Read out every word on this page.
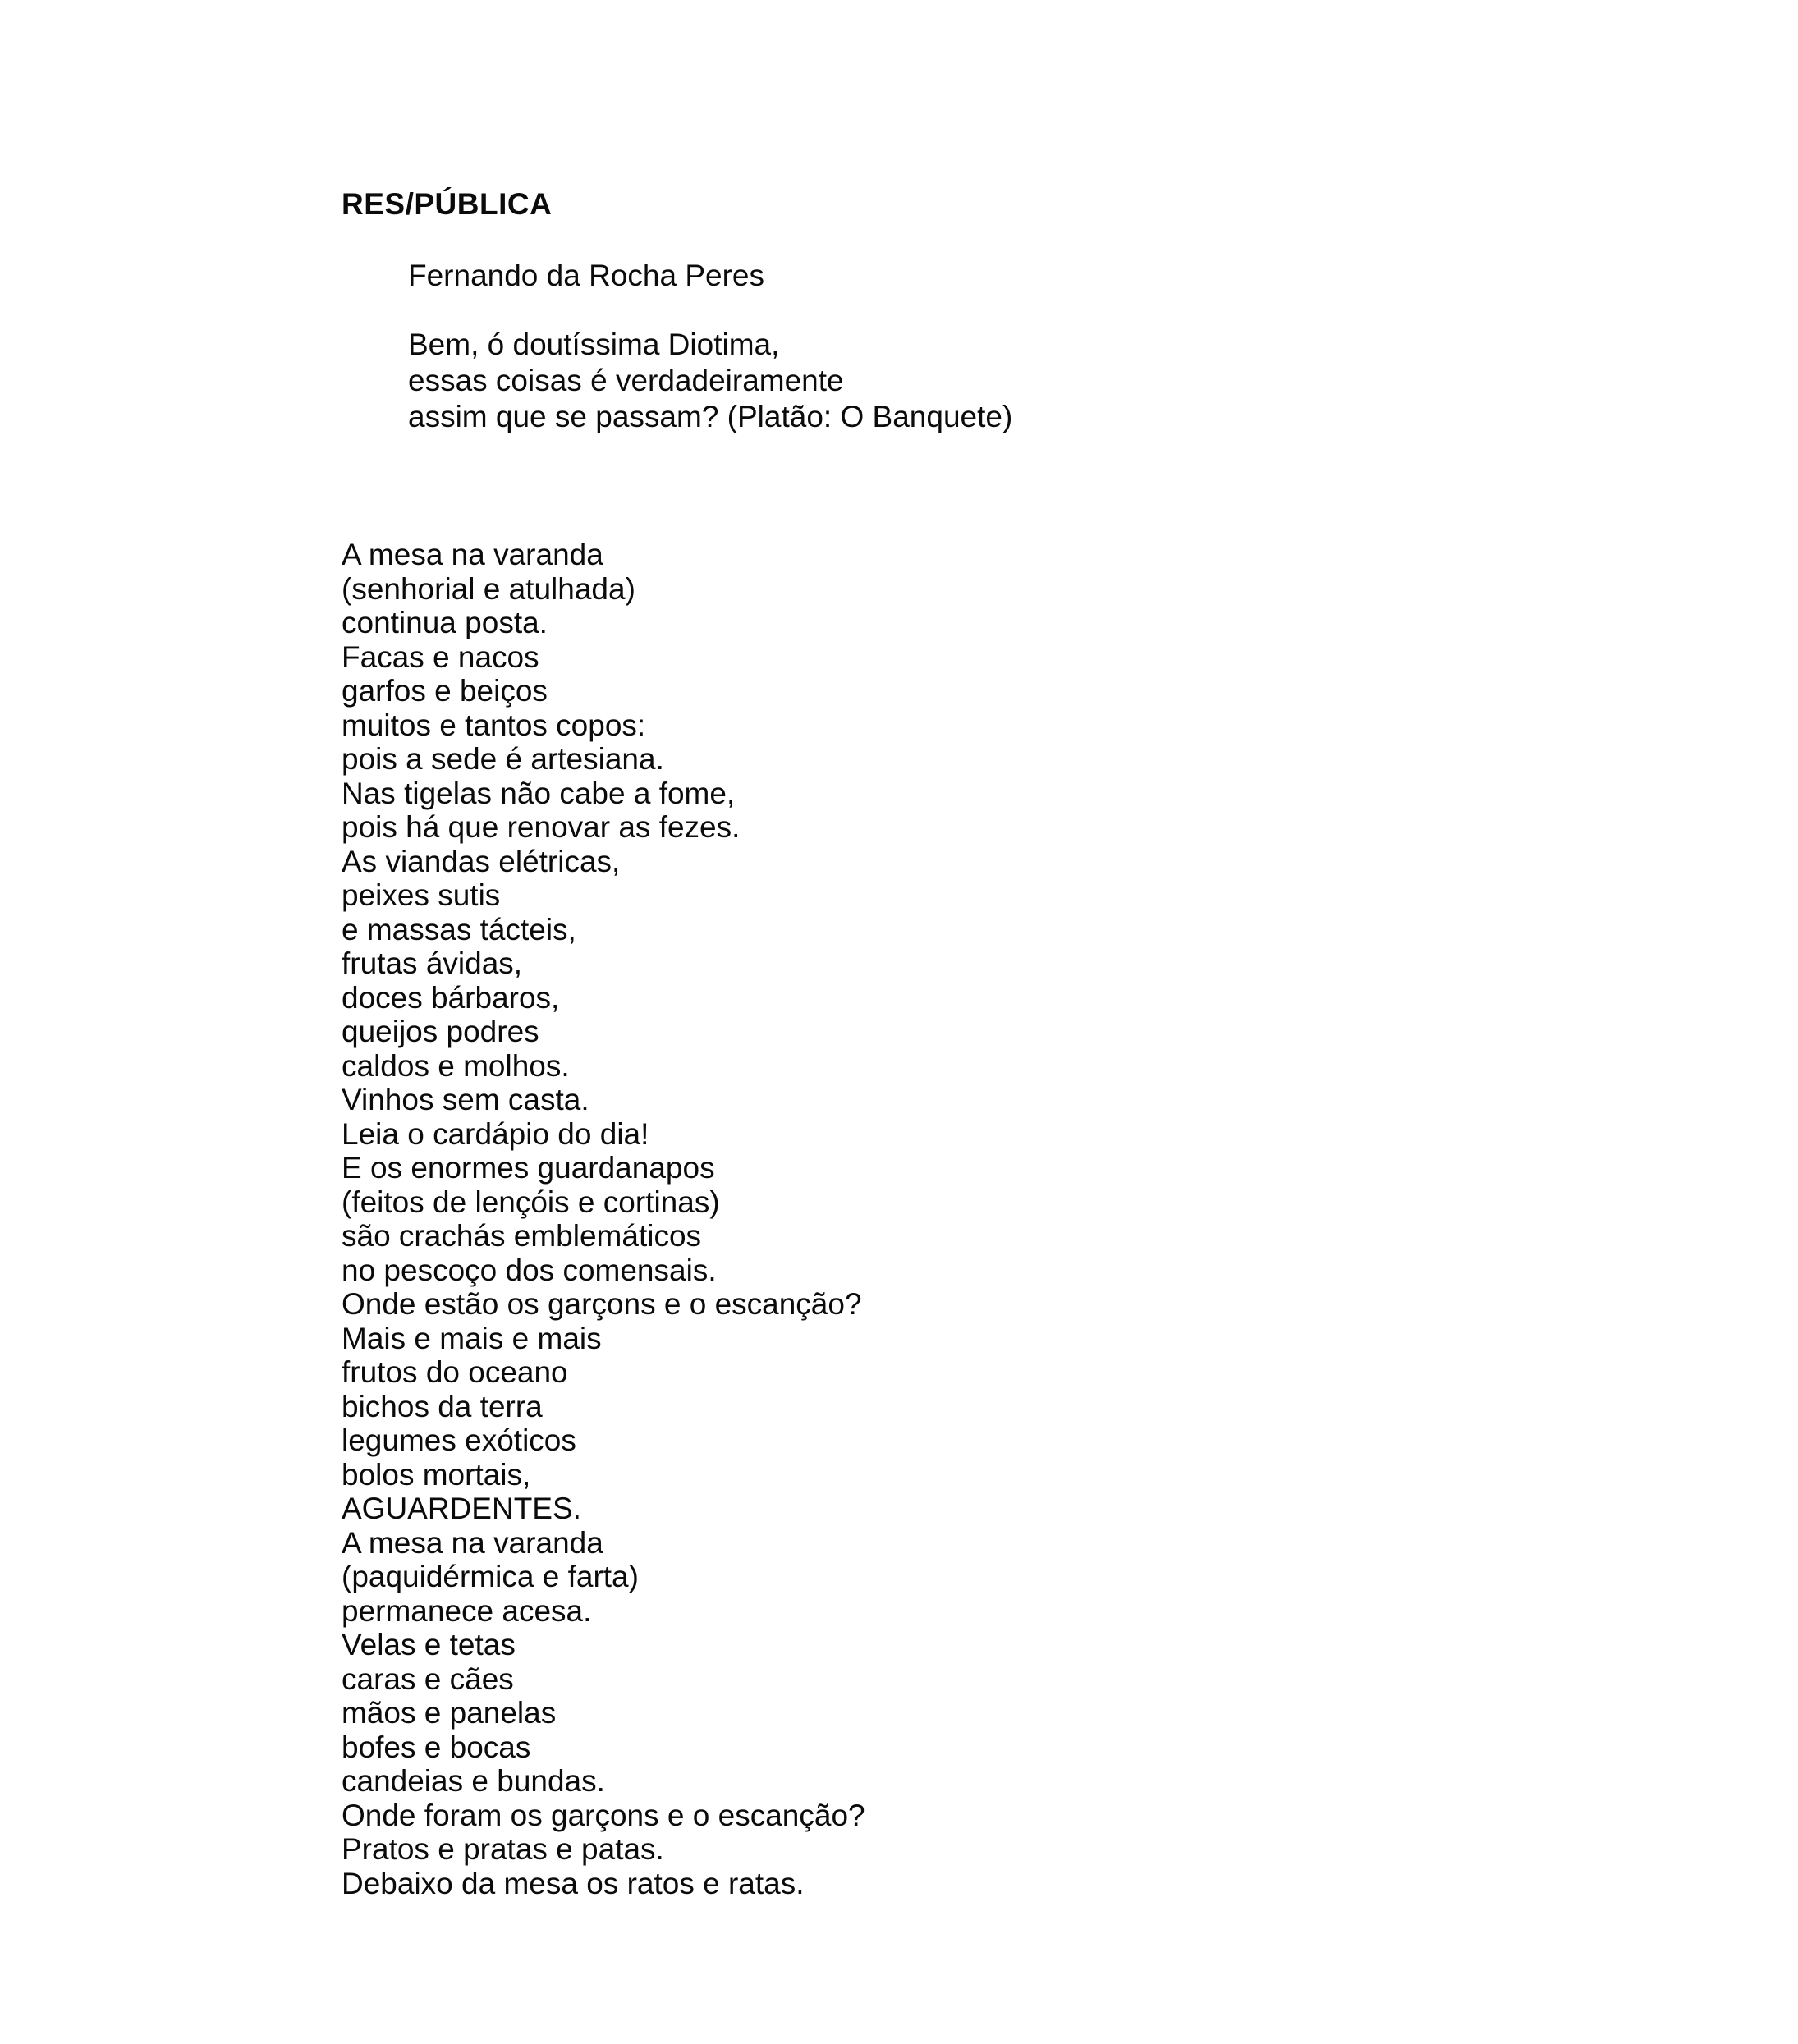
RES/PÚBLICA
Fernando da Rocha Peres
Bem, ó doutíssima Diotima,
essas coisas é verdadeiramente
assim que se passam? (Platão: O Banquete)
A mesa na varanda
(senhorial e atulhada)
continua posta.
Facas e nacos
garfos e beiços
muitos e tantos copos:
pois a sede é artesiana.
Nas tigelas não cabe a fome,
pois há que renovar as fezes.
As viandas elétricas,
peixes sutis
e massas tácteis,
frutas ávidas,
doces bárbaros,
queijos podres
caldos e molhos.
Vinhos sem casta.
Leia o cardápio do dia!
E os enormes guardanapos
(feitos de lençóis e cortinas)
são crachás emblemáticos
no pescoço dos comensais.
Onde estão os garçons e o escanção?
Mais e mais e mais
frutos do oceano
bichos da terra
legumes exóticos
bolos mortais,
AGUARDENTES.
A mesa na varanda
(paquidérmica e farta)
permanece acesa.
Velas e tetas
caras e cães
mãos e panelas
bofes e bocas
candeias e bundas.
Onde foram os garçons e o escanção?
Pratos e pratas e patas.
Debaixo da mesa os ratos e ratas.
